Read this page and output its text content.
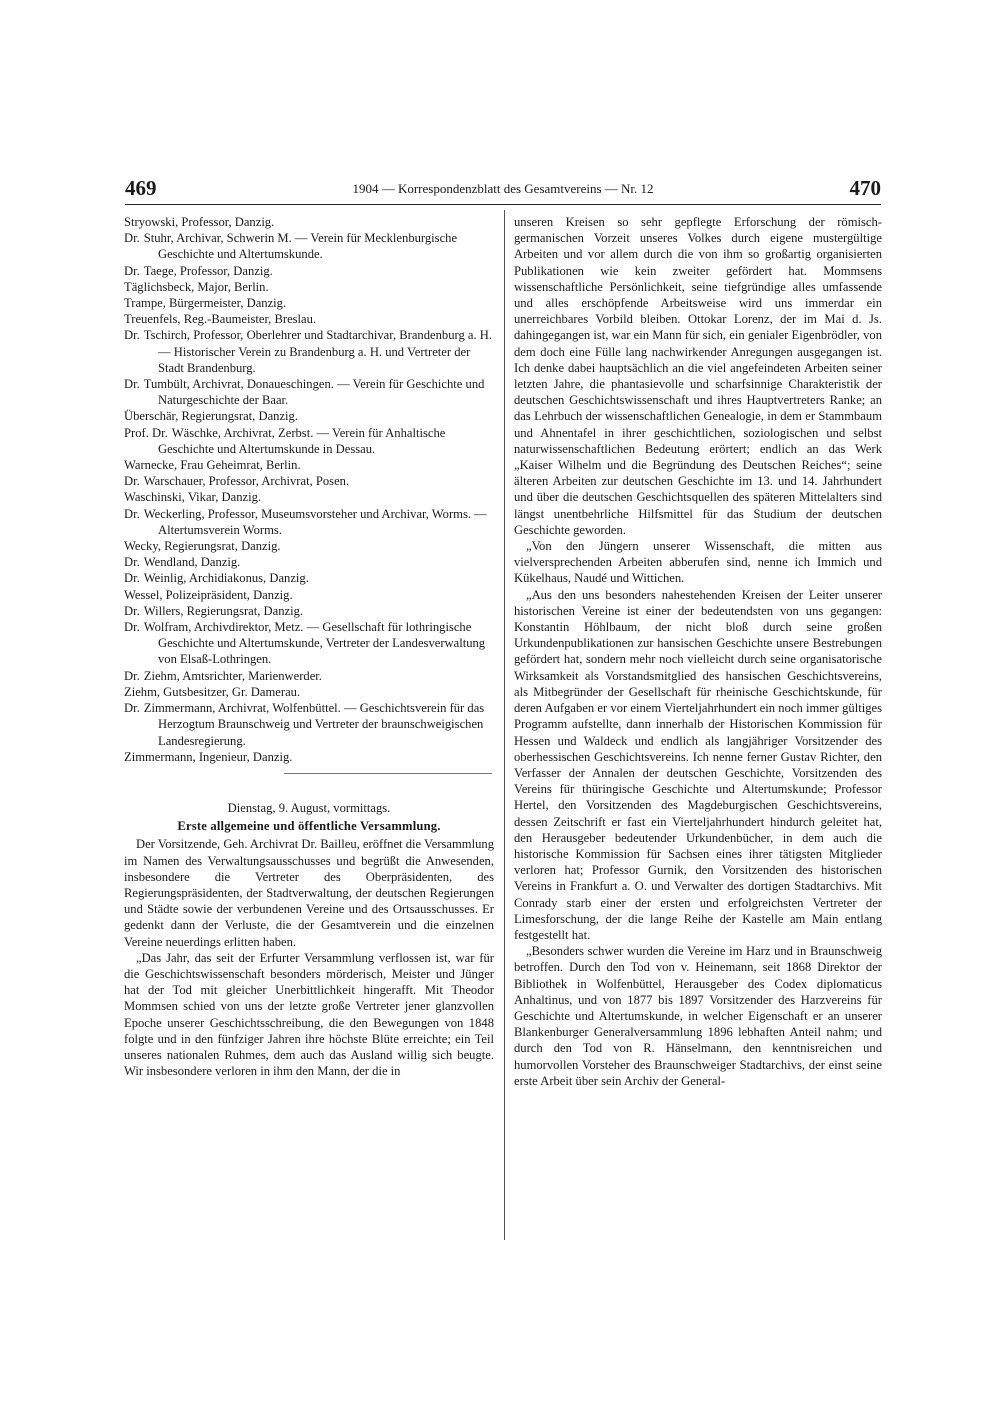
469	1904 — Korrespondenzblatt des Gesamtvereins — Nr. 12	470

Stryowski, Professor, Danzig.

Dr. Stuhr, Archivar, Schwerin M. — Verein für Mecklenburgische Geschichte und Altertumskunde.

Dr. Taege, Professor, Danzig.

Täglichsbeck, Major, Berlin.

Trampe, Bürgermeister, Danzig.

Treuenfels, Reg.-Baumeister, Breslau.

Dr. Tschirch, Professor, Oberlehrer und Stadtarchivar, Brandenburg a. H. — Historischer Verein zu Brandenburg a. H. und Vertreter der Stadt Brandenburg.

Dr. Tumbült, Archivrat, Donaueschingen. — Verein für Geschichte und Naturgeschichte der Baar.

Überschär, Regierungsrat, Danzig.

Prof. Dr. Wäschke, Archivrat, Zerbst. — Verein für Anhaltische Geschichte und Altertumskunde in Dessau.

Warnecke, Frau Geheimrat, Berlin.

Dr. Warschauer, Professor, Archivrat, Posen.

Waschinski, Vikar, Danzig.

Dr. Weckerling, Professor, Museumsvorsteher und Archivar, Worms. — Altertumsverein Worms.

Wecky, Regierungsrat, Danzig.

Dr. Wendland, Danzig.

Dr. Weinlig, Archidiakonus, Danzig.

Wessel, Polizeipräsident, Danzig.

Dr. Willers, Regierungsrat, Danzig.

Dr. Wolfram, Archivdirektor, Metz. — Gesellschaft für lothringische Geschichte und Altertumskunde, Vertreter der Landesverwaltung von Elsaß-Lothringen.

Dr. Ziehm, Amtsrichter, Marienwerder.

Ziehm, Gutsbesitzer, Gr. Damerau.

Dr. Zimmermann, Archivrat, Wolfenbüttel. — Geschichtsverein für das Herzogtum Braunschweig und Vertreter der braunschweigischen Landesregierung.

Zimmermann, Ingenieur, Danzig.

Dienstag, 9. August, vormittags.

Erste allgemeine und öffentliche Versammlung.

Der Vorsitzende, Geh. Archivrat Dr. Bailleu, eröffnet die Versammlung im Namen des Verwaltungsausschusses und begrüßt die Anwesenden, insbesondere die Vertreter des Oberpräsidenten, des Regierungspräsidenten, der Stadtverwaltung, der deutschen Regierungen und Städte sowie der verbundenen Vereine und des Ortsausschusses. Er gedenkt dann der Verluste, die der Gesamtverein und die einzelnen Vereine neuerdings erlitten haben.

„Das Jahr, das seit der Erfurter Versammlung verflossen ist, war für die Geschichtswissenschaft besonders mörderisch, Meister und Jünger hat der Tod mit gleicher Unerbittlichkeit hingerafft. Mit Theodor Mommsen schied von uns der letzte große Vertreter jener glanzvollen Epoche unserer Geschichtsschreibung, die den Bewegungen von 1848 folgte und in den fünfziger Jahren ihre höchste Blüte erreichte; ein Teil unseres nationalen Ruhmes, dem auch das Ausland willig sich beugte. Wir insbesondere verloren in ihm den Mann, der die in

unseren Kreisen so sehr gepflegte Erforschung der römisch-germanischen Vorzeit unseres Volkes durch eigene mustergültige Arbeiten und vor allem durch die von ihm so großartig organisierten Publikationen wie kein zweiter gefördert hat. Mommsens wissenschaftliche Persönlichkeit, seine tiefgründige alles umfassende und alles erschöpfende Arbeitsweise wird uns immerdar ein unerreichbares Vorbild bleiben. Ottokar Lorenz, der im Mai d. Js. dahingegangen ist, war ein Mann für sich, ein genialer Eigenbrödler, von dem doch eine Fülle lang nachwirkender Anregungen ausgegangen ist. Ich denke dabei hauptsächlich an die viel angefeindeten Arbeiten seiner letzten Jahre, die phantasievolle und scharfsinnige Charakteristik der deutschen Geschichtswissenschaft und ihres Hauptvertreters Ranke; an das Lehrbuch der wissenschaftlichen Genealogie, in dem er Stammbaum und Ahnentafel in ihrer geschichtlichen, soziologischen und selbst naturwissenschaftlichen Bedeutung erörtert; endlich an das Werk „Kaiser Wilhelm und die Begründung des Deutschen Reiches“; seine älteren Arbeiten zur deutschen Geschichte im 13. und 14. Jahrhundert und über die deutschen Geschichtsquellen des späteren Mittelalters sind längst unentbehrliche Hilfsmittel für das Studium der deutschen Geschichte geworden.

„Von den Jüngern unserer Wissenschaft, die mitten aus vielversprechenden Arbeiten abberufen sind, nenne ich Immich und Kükelhaus, Naudé und Wittichen.

„Aus den uns besonders nahestehenden Kreisen der Leiter unserer historischen Vereine ist einer der bedeutendsten von uns gegangen: Konstantin Höhlbaum, der nicht bloß durch seine großen Urkundenpublikationen zur hansischen Geschichte unsere Bestrebungen gefördert hat, sondern mehr noch vielleicht durch seine organisatorische Wirksamkeit als Vorstandsmitglied des hansischen Geschichtsvereins, als Mitbegründer der Gesellschaft für rheinische Geschichtskunde, für deren Aufgaben er vor einem Vierteljahrhundert ein noch immer gültiges Programm aufstellte, dann innerhalb der Historischen Kommission für Hessen und Waldeck und endlich als langjähriger Vorsitzender des oberhessischen Geschichtsvereins. Ich nenne ferner Gustav Richter, den Verfasser der Annalen der deutschen Geschichte, Vorsitzenden des Vereins für thüringische Geschichte und Altertumskunde; Professor Hertel, den Vorsitzenden des Magdeburgischen Geschichtsvereins, dessen Zeitschrift er fast ein Vierteljahrhundert hindurch geleitet hat, den Herausgeber bedeutender Urkundenbücher, in dem auch die historische Kommission für Sachsen eines ihrer tätigsten Mitglieder verloren hat; Professor Gurnik, den Vorsitzenden des historischen Vereins in Frankfurt a. O. und Verwalter des dortigen Stadtarchivs. Mit Conrady starb einer der ersten und erfolgreichsten Vertreter der Limesforschung, der die lange Reihe der Kastelle am Main entlang festgestellt hat.

„Besonders schwer wurden die Vereine im Harz und in Braunschweig betroffen. Durch den Tod von v. Heinemann, seit 1868 Direktor der Bibliothek in Wolfenbüttel, Herausgeber des Codex diplomaticus Anhaltinus, und von 1877 bis 1897 Vorsitzender des Harzvereins für Geschichte und Altertumskunde, in welcher Eigenschaft er an unserer Blankenburger Generalversammlung 1896 lebhaften Anteil nahm; und durch den Tod von R. Hänselmann, den kenntnisreichen und humorvollen Vorsteher des Braunschweiger Stadtarchivs, der einst seine erste Arbeit über sein Archiv der General-
